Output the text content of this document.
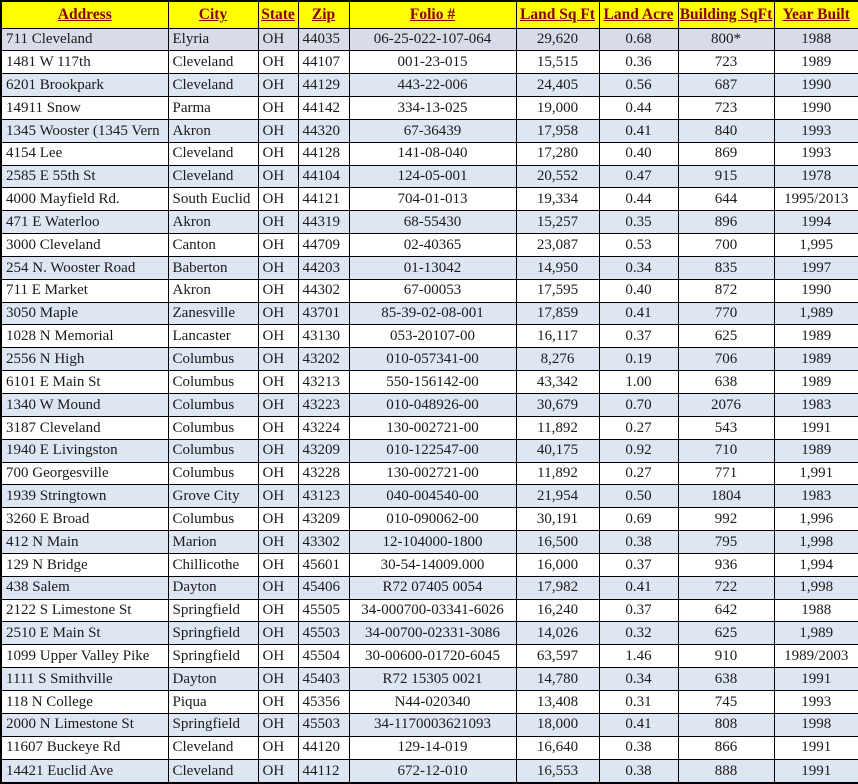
Address	City	State	Zip	Folio #	Land Sq Ft	Land Acre	Building SqFt	Year Built
711 Cleveland	Elyria	OH	44035	06-25-022-107-064	29,620	0.68	800*	1988
1481 W 117th	Cleveland	OH	44107	001-23-015	15,515	0.36	723	1989
6201 Brookpark	Cleveland	OH	44129	443-22-006	24,405	0.56	687	1990
14911 Snow	Parma	OH	44142	334-13-025	19,000	0.44	723	1990
1345 Wooster (1345 Vern	Akron	OH	44320	67-36439	17,958	0.41	840	1993
4154 Lee	Cleveland	OH	44128	141-08-040	17,280	0.40	869	1993
2585 E 55th St	Cleveland	OH	44104	124-05-001	20,552	0.47	915	1978
4000 Mayfield Rd.	South Euclid	OH	44121	704-01-013	19,334	0.44	644	1995/2013
471 E Waterloo	Akron	OH	44319	68-55430	15,257	0.35	896	1994
3000 Cleveland	Canton	OH	44709	02-40365	23,087	0.53	700	1,995
254 N. Wooster Road	Baberton	OH	44203	01-13042	14,950	0.34	835	1997
711 E Market	Akron	OH	44302	67-00053	17,595	0.40	872	1990
3050 Maple	Zanesville	OH	43701	85-39-02-08-001	17,859	0.41	770	1,989
1028 N Memorial	Lancaster	OH	43130	053-20107-00	16,117	0.37	625	1989
2556 N High	Columbus	OH	43202	010-057341-00	8,276	0.19	706	1989
6101 E Main St	Columbus	OH	43213	550-156142-00	43,342	1.00	638	1989
1340 W Mound	Columbus	OH	43223	010-048926-00	30,679	0.70	2076	1983
3187 Cleveland	Columbus	OH	43224	130-002721-00	11,892	0.27	543	1991
1940 E Livingston	Columbus	OH	43209	010-122547-00	40,175	0.92	710	1989
700 Georgesville	Columbus	OH	43228	130-002721-00	11,892	0.27	771	1,991
1939 Stringtown	Grove City	OH	43123	040-004540-00	21,954	0.50	1804	1983
3260 E Broad	Columbus	OH	43209	010-090062-00	30,191	0.69	992	1,996
412 N Main	Marion	OH	43302	12-104000-1800	16,500	0.38	795	1,998
129 N Bridge	Chillicothe	OH	45601	30-54-14009.000	16,000	0.37	936	1,994
438 Salem	Dayton	OH	45406	R72 07405 0054	17,982	0.41	722	1,998
2122 S Limestone St	Springfield	OH	45505	34-000700-03341-6026	16,240	0.37	642	1988
2510 E Main St	Springfield	OH	45503	34-00700-02331-3086	14,026	0.32	625	1,989
1099 Upper Valley Pike	Springfield	OH	45504	30-00600-01720-6045	63,597	1.46	910	1989/2003
1111 S Smithville	Dayton	OH	45403	R72 15305 0021	14,780	0.34	638	1991
118 N College	Piqua	OH	45356	N44-020340	13,408	0.31	745	1993
2000 N Limestone St	Springfield	OH	45503	34-1170003621093	18,000	0.41	808	1998
11607 Buckeye Rd	Cleveland	OH	44120	129-14-019	16,640	0.38	866	1991
14421 Euclid Ave	Cleveland	OH	44112	672-12-010	16,553	0.38	888	1991
